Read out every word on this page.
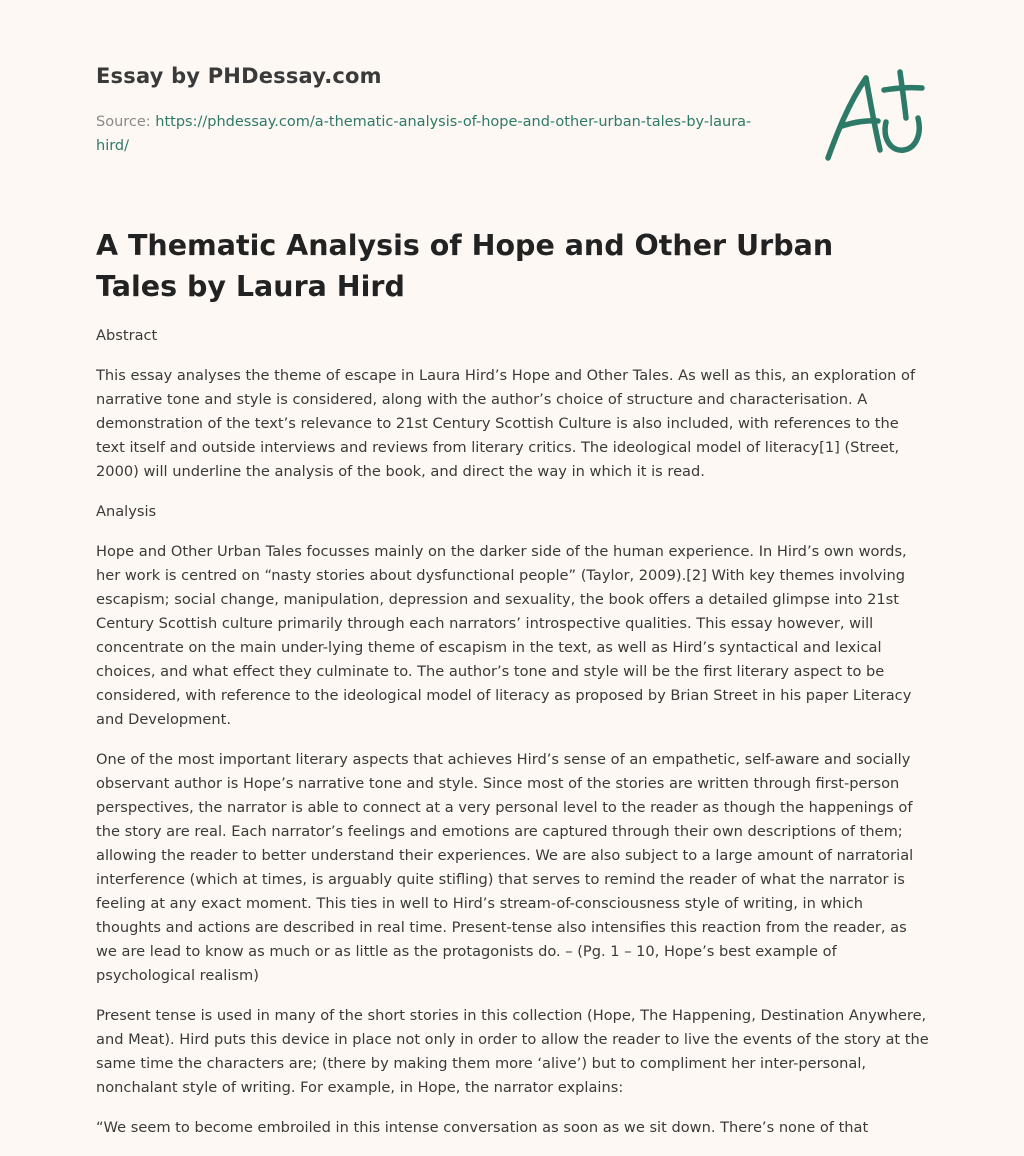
Essay by PHDessay.com
Source: https://phdessay.com/a-thematic-analysis-of-hope-and-other-urban-tales-by-laura-hird/
A Thematic Analysis of Hope and Other Urban Tales by Laura Hird

Abstract

This essay analyses the theme of escape in Laura Hird’s Hope and Other Tales. As well as this, an exploration of narrative tone and style is considered, along with the author’s choice of structure and characterisation. A demonstration of the text’s relevance to 21st Century Scottish Culture is also included, with references to the text itself and outside interviews and reviews from literary critics. The ideological model of literacy[1] (Street, 2000) will underline the analysis of the book, and direct the way in which it is read.

Analysis

Hope and Other Urban Tales focusses mainly on the darker side of the human experience. In Hird’s own words, her work is centred on “nasty stories about dysfunctional people” (Taylor, 2009).[2] With key themes involving escapism; social change, manipulation, depression and sexuality, the book offers a detailed glimpse into 21st Century Scottish culture primarily through each narrators’ introspective qualities. This essay however, will concentrate on the main under-lying theme of escapism in the text, as well as Hird’s syntactical and lexical choices, and what effect they culminate to. The author’s tone and style will be the first literary aspect to be considered, with reference to the ideological model of literacy as proposed by Brian Street in his paper Literacy and Development.

One of the most important literary aspects that achieves Hird’s sense of an empathetic, self-aware and socially observant author is Hope’s narrative tone and style. Since most of the stories are written through first-person perspectives, the narrator is able to connect at a very personal level to the reader as though the happenings of the story are real. Each narrator’s feelings and emotions are captured through their own descriptions of them; allowing the reader to better understand their experiences. We are also subject to a large amount of narratorial interference (which at times, is arguably quite stifling) that serves to remind the reader of what the narrator is feeling at any exact moment. This ties in well to Hird’s stream-of-consciousness style of writing, in which thoughts and actions are described in real time. Present-tense also intensifies this reaction from the reader, as we are lead to know as much or as little as the protagonists do. – (Pg. 1 – 10, Hope’s best example of psychological realism)

Present tense is used in many of the short stories in this collection (Hope, The Happening, Destination Anywhere, and Meat). Hird puts this device in place not only in order to allow the reader to live the events of the story at the same time the characters are; (there by making them more ‘alive’) but to compliment her inter-personal, nonchalant style of writing. For example, in Hope, the narrator explains:

“We seem to become embroiled in this intense conversation as soon as we sit down. There’s none of that
